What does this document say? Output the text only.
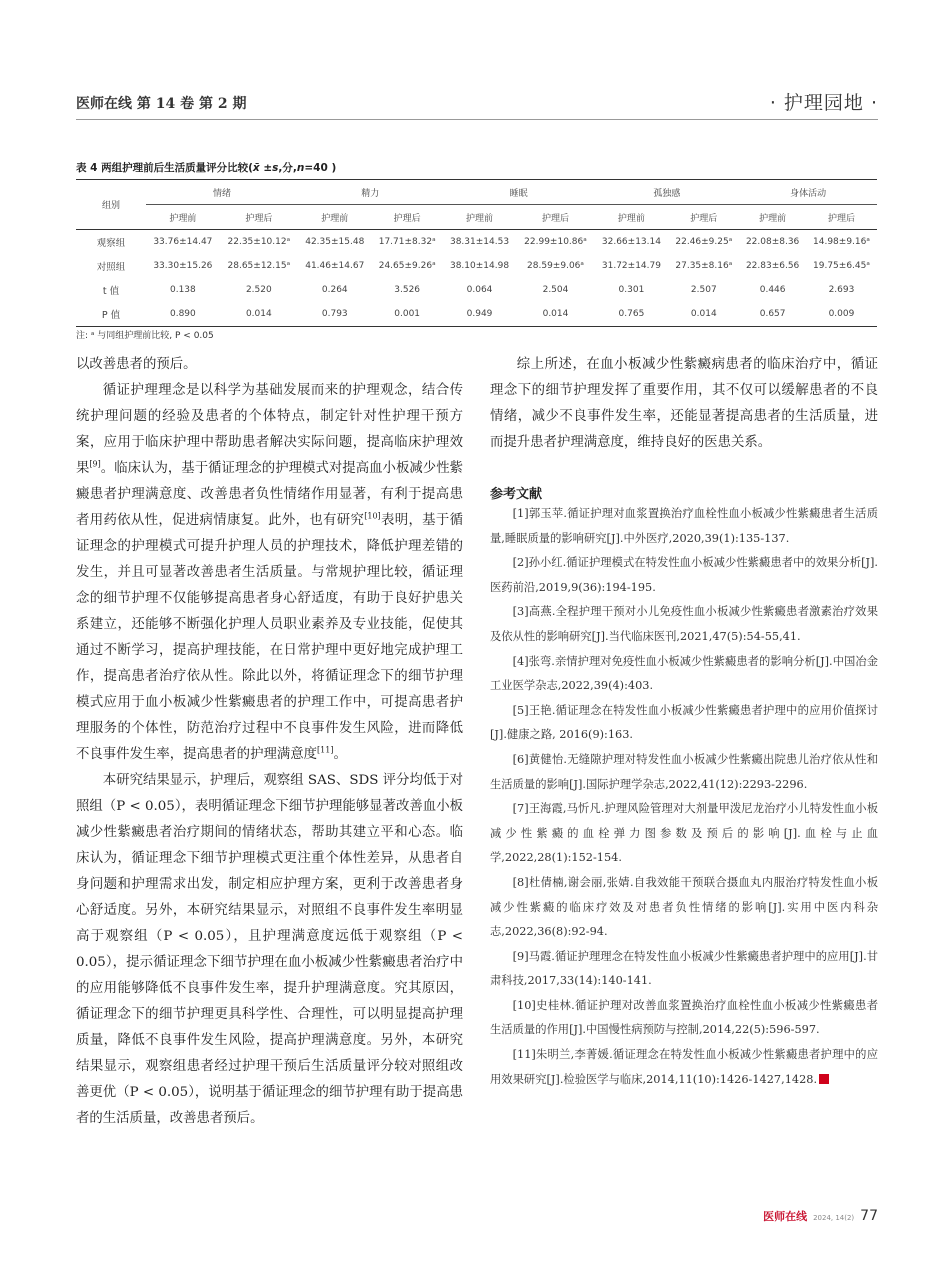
医师在线 第 14 卷 第 2 期	· 护理园地 ·
表 4 两组护理前后生活质量评分比较(x̄ ±s,分,n=40 )
组别	情绪		精力		睡眠		孤独感		身体活动	
	护理前	护理后	护理前	护理后	护理前	护理后	护理前	护理后	护理前	护理后
观察组	33.76±14.47	22.35±10.12ᵃ	42.35±15.48	17.71±8.32ᵃ	38.31±14.53	22.99±10.86ᵃ	32.66±13.14	22.46±9.25ᵃ	22.08±8.36	14.98±9.16ᵃ
对照组	33.30±15.26	28.65±12.15ᵃ	41.46±14.67	24.65±9.26ᵃ	38.10±14.98	28.59±9.06ᵃ	31.72±14.79	27.35±8.16ᵃ	22.83±6.56	19.75±6.45ᵃ
t 值	0.138	2.520	0.264	3.526	0.064	2.504	0.301	2.507	0.446	2.693
P 值	0.890	0.014	0.793	0.001	0.949	0.014	0.765	0.014	0.657	0.009
注: ᵃ 与同组护理前比较, P < 0.05

以改善患者的预后。

循证护理理念是以科学为基础发展而来的护理观念，结合传统护理问题的经验及患者的个体特点，制定针对性护理干预方案，应用于临床护理中帮助患者解决实际问题，提高临床护理效果[9]。临床认为，基于循证理念的护理模式对提高血小板减少性紫癜患者护理满意度、改善患者负性情绪作用显著，有利于提高患者用药依从性，促进病情康复。此外，也有研究[10]表明，基于循证理念的护理模式可提升护理人员的护理技术，降低护理差错的发生，并且可显著改善患者生活质量。与常规护理比较，循证理念的细节护理不仅能够提高患者身心舒适度，有助于良好护患关系建立，还能够不断强化护理人员职业素养及专业技能，促使其通过不断学习，提高护理技能，在日常护理中更好地完成护理工作，提高患者治疗依从性。除此以外，将循证理念下的细节护理模式应用于血小板减少性紫癜患者的护理工作中，可提高患者护理服务的个体性，防范治疗过程中不良事件发生风险，进而降低不良事件发生率，提高患者的护理满意度[11]。

本研究结果显示，护理后，观察组 SAS、SDS 评分均低于对照组（P < 0.05），表明循证理念下细节护理能够显著改善血小板减少性紫癜患者治疗期间的情绪状态，帮助其建立平和心态。临床认为，循证理念下细节护理模式更注重个体性差异，从患者自身问题和护理需求出发，制定相应护理方案，更利于改善患者身心舒适度。另外，本研究结果显示，对照组不良事件发生率明显高于观察组（P < 0.05），且护理满意度远低于观察组（P < 0.05），提示循证理念下细节护理在血小板减少性紫癜患者治疗中的应用能够降低不良事件发生率，提升护理满意度。究其原因，循证理念下的细节护理更具科学性、合理性，可以明显提高护理质量，降低不良事件发生风险，提高护理满意度。另外，本研究结果显示，观察组患者经过护理干预后生活质量评分较对照组改善更优（P < 0.05），说明基于循证理念的细节护理有助于提高患者的生活质量，改善患者预后。

综上所述，在血小板减少性紫癜病患者的临床治疗中，循证理念下的细节护理发挥了重要作用，其不仅可以缓解患者的不良情绪，减少不良事件发生率，还能显著提高患者的生活质量，进而提升患者护理满意度，维持良好的医患关系。

参考文献

[1]郭玉苹.循证护理对血浆置换治疗血栓性血小板减少性紫癜患者生活质量,睡眠质量的影响研究[J].中外医疗,2020,39(1):135-137.

[2]孙小红.循证护理模式在特发性血小板减少性紫癜患者中的效果分析[J].医药前沿,2019,9(36):194-195.

[3]高燕.全程护理干预对小儿免疫性血小板减少性紫癜患者激素治疗效果及依从性的影响研究[J].当代临床医刊,2021,47(5):54-55,41.

[4]张弯.亲情护理对免疫性血小板减少性紫癜患者的影响分析[J].中国冶金工业医学杂志,2022,39(4):403.

[5]王艳.循证理念在特发性血小板减少性紫癜患者护理中的应用价值探讨[J].健康之路, 2016(9):163.

[6]黄健怡.无缝隙护理对特发性血小板减少性紫癜出院患儿治疗依从性和生活质量的影响[J].国际护理学杂志,2022,41(12):2293-2296.

[7]王海霞,马忻凡.护理风险管理对大剂量甲泼尼龙治疗小儿特发性血小板减少性紫癜的血栓弹力图参数及预后的影响[J].血栓与止血学,2022,28(1):152-154.

[8]杜倩楠,谢会丽,张婧.自我效能干预联合摄血丸内服治疗特发性血小板减少性紫癜的临床疗效及对患者负性情绪的影响[J].实用中医内科杂志,2022,36(8):92-94.

[9]马霞.循证护理理念在特发性血小板减少性紫癜患者护理中的应用[J].甘肃科技,2017,33(14):140-141.

[10]史桂林.循证护理对改善血浆置换治疗血栓性血小板减少性紫癜患者生活质量的作用[J].中国慢性病预防与控制,2014,22(5):596-597.

[11]朱明兰,李菁媛.循证理念在特发性血小板减少性紫癜患者护理中的应用效果研究[J].检验医学与临床,2014,11(10):1426-1427,1428.

医师在线 2024, 14(2) 77
